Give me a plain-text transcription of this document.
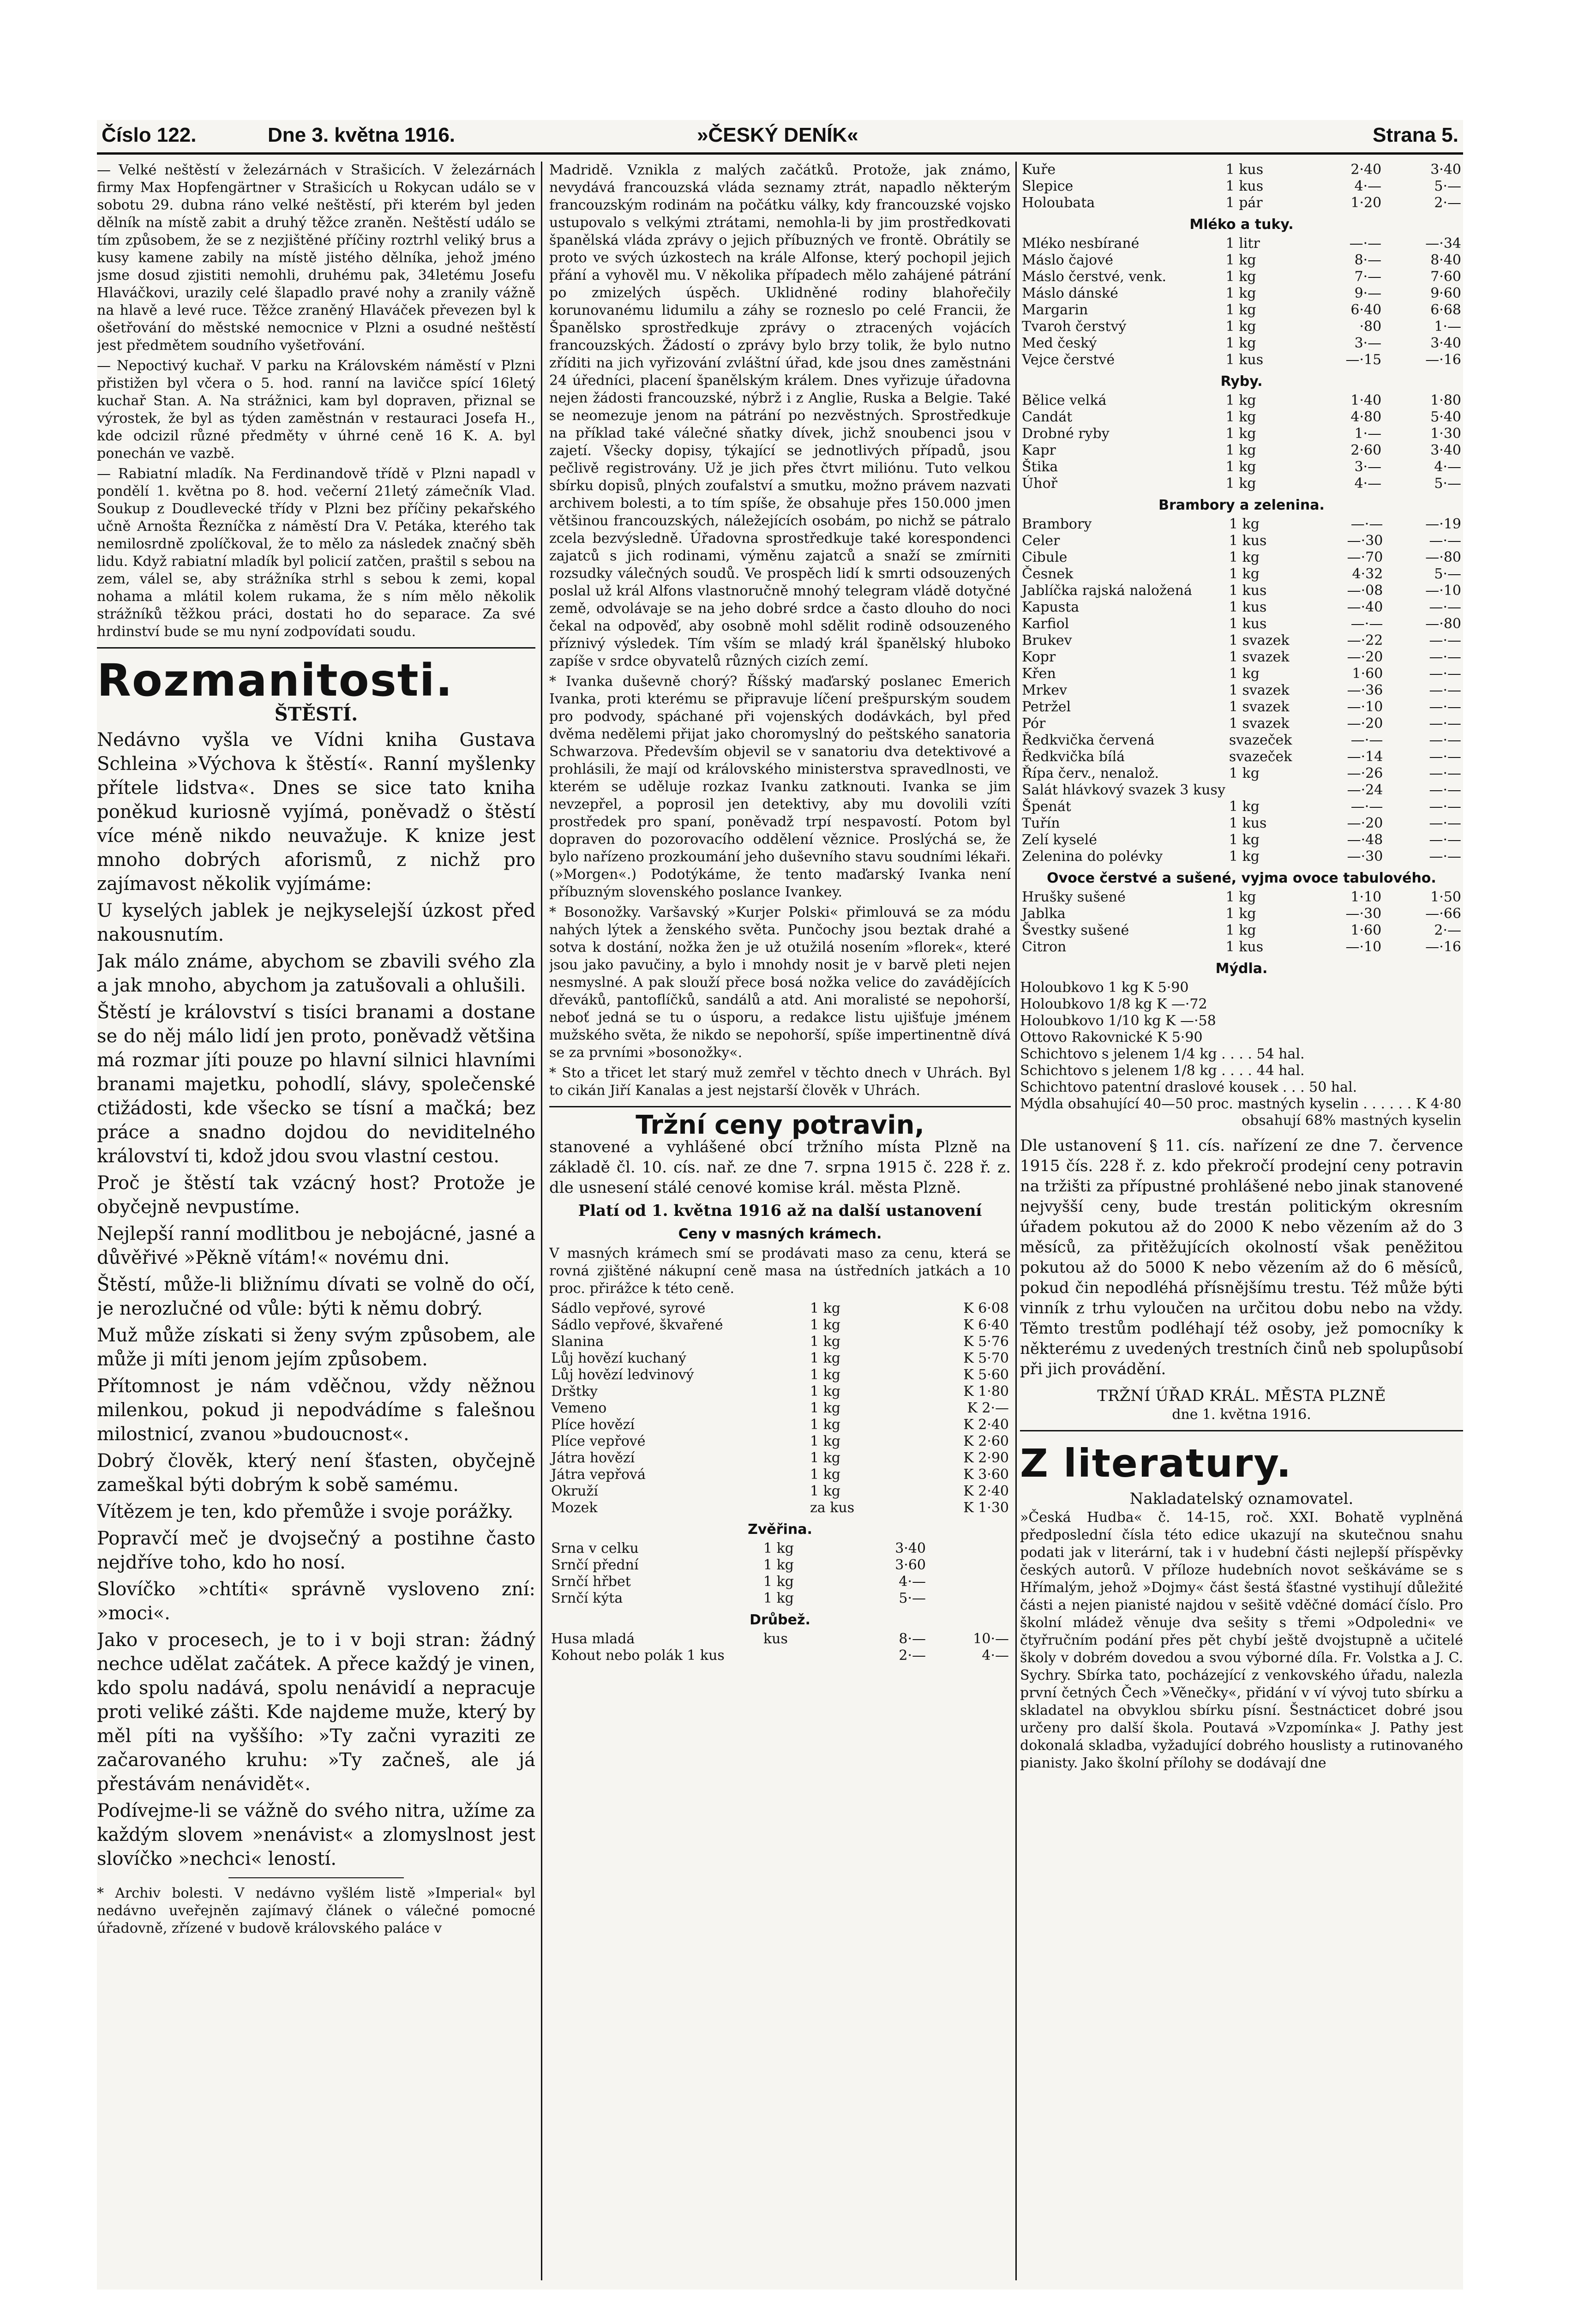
Číslo 122.	Dne 3. května 1916.	»ČESKÝ DENÍK«	Strana 5.

— Velké neštěstí v železárnách v Strašicích. V železárnách firmy Max Hopfengärtner v Strašicích u Rokycan událo se v sobotu 29. dubna ráno velké neštěstí, při kterém byl jeden dělník na místě zabit a druhý těžce zraněn. Neštěstí událo se tím způsobem, že se z nezjištěné příčiny roztrhl veliký brus a kusy kamene zabily na místě jistého dělníka, jehož jméno jsme dosud zjistiti nemohli, druhému pak, 34letému Josefu Hlaváčkovi, urazily celé šlapadlo pravé nohy a zranily vážně na hlavě a levé ruce. Těžce zraněný Hlaváček převezen byl k ošetřování do městské nemocnice v Plzni a osudné neštěstí jest předmětem soudního vyšetřování.

— Nepoctivý kuchař. V parku na Královském náměstí v Plzni přistižen byl včera o 5. hod. ranní na lavičce spící 16letý kuchař Stan. A. Na strážnici, kam byl dopraven, přiznal se výrostek, že byl as týden zaměstnán v restauraci Josefa H., kde odcizil různé předměty v úhrné ceně 16 K. A. byl ponechán ve vazbě.

— Rabiatní mladík. Na Ferdinandově třídě v Plzni napadl v pondělí 1. května po 8. hod. večerní 21letý zámečník Vlad. Soukup z Doudlevecké třídy v Plzni bez příčiny pekařského učně Arnošta Řezníčka z náměstí Dra V. Petáka, kterého tak nemilosrdně zpolíčkoval, že to mělo za následek značný sběh lidu. Když rabiatní mladík byl policií zatčen, praštil s sebou na zem, válel se, aby strážníka strhl s sebou k zemi, kopal nohama a mlátil kolem rukama, že s ním mělo několik strážníků těžkou práci, dostati ho do separace. Za své hrdinství bude se mu nyní zodpovídati soudu.

Rozmanitosti.
ŠTĚSTÍ.

Nedávno vyšla ve Vídni kniha Gustava Schleina »Výchova k štěstí«. Ranní myšlenky přítele lidstva«. Dnes se sice tato kniha poněkud kuriosně vyjímá, poněvadž o štěstí více méně nikdo neuvažuje. K knize jest mnoho dobrých aforismů, z nichž pro zajímavost několik vyjímáme:

U kyselých jablek je nejkyselejší úzkost před nakousnutím.

Jak málo známe, abychom se zbavili svého zla a jak mnoho, abychom ja zatušovali a ohlušili.

Štěstí je království s tisíci branami a dostane se do něj málo lidí jen proto, poněvadž většina má rozmar jíti pouze po hlavní silnici hlavními branami majetku, pohodlí, slávy, společenské ctižádosti, kde všecko se tísní a mačká; bez práce a snadno dojdou do neviditelného království ti, kdož jdou svou vlastní cestou.

Proč je štěstí tak vzácný host? Protože je obyčejně nevpustíme.

Nejlepší ranní modlitbou je nebojácné, jasné a důvěřivé »Pěkně vítám!« novému dni.

Štěstí, může-li bližnímu dívati se volně do očí, je nerozlučné od vůle: býti k němu dobrý.

Muž může získati si ženy svým způsobem, ale může ji míti jenom jejím způsobem.

Přítomnost je nám vděčnou, vždy něžnou milenkou, pokud ji nepodvádíme s falešnou milostnicí, zvanou »budoucnost«.

Dobrý člověk, který není šťasten, obyčejně zameškal býti dobrým k sobě samému.

Vítězem je ten, kdo přemůže i svoje porážky.

Popravčí meč je dvojsečný a postihne často nejdříve toho, kdo ho nosí.

Slovíčko »chtíti« správně vysloveno zní: »moci«.

Jako v procesech, je to i v boji stran: žádný nechce udělat začátek. A přece každý je vinen, kdo spolu nadává, spolu nenávidí a nepracuje proti veliké zášti. Kde najdeme muže, který by měl píti na vyššího: »Ty začni vyraziti ze začarovaného kruhu: »Ty začneš, ale já přestávám nenávidět«.

Podívejme-li se vážně do svého nitra, užíme za každým slovem »nenávist« a zlomyslnost jest slovíčko »nechci« leností.

* Archiv bolesti. V nedávno vyšlém listě »Imperial« byl nedávno uveřejněn zajímavý článek o válečné pomocné úřadovně, zřízené v budově královského paláce v

Madridě. Vznikla z malých začátků. Protože, jak známo, nevydává francouzská vláda seznamy ztrát, napadlo některým francouzským rodinám na počátku války, kdy francouzské vojsko ustupovalo s velkými ztrátami, nemohla-li by jim prostředkovati španělská vláda zprávy o jejich příbuzných ve frontě. Obrátily se proto ve svých úzkostech na krále Alfonse, který pochopil jejich přání a vyhověl mu. V několika případech mělo zahájené pátrání po zmizelých úspěch. Uklidněné rodiny blahořečily korunovanému lidumilu a záhy se rozneslo po celé Francii, že Španělsko sprostředkuje zprávy o ztracených vojácích francouzských. Žádostí o zprávy bylo brzy tolik, že bylo nutno zříditi na jich vyřizování zvláštní úřad, kde jsou dnes zaměstnáni 24 úředníci, placení španělským králem. Dnes vyřizuje úřadovna nejen žádosti francouzské, nýbrž i z Anglie, Ruska a Belgie. Také se neomezuje jenom na pátrání po nezvěstných. Sprostředkuje na příklad také válečné sňatky dívek, jichž snoubenci jsou v zajetí. Všecky dopisy, týkající se jednotlivých případů, jsou pečlivě registrovány. Už je jich přes čtvrt miliónu. Tuto velkou sbírku dopisů, plných zoufalství a smutku, možno právem nazvati archivem bolesti, a to tím spíše, že obsahuje přes 150.000 jmen většinou francouzských, náležejících osobám, po nichž se pátralo zcela bezvýsledně. Úřadovna sprostředkuje také korespondenci zajatců s jich rodinami, výměnu zajatců a snaží se zmírniti rozsudky válečných soudů. Ve prospěch lidí k smrti odsouzených poslal už král Alfons vlastnoručně mnohý telegram vládě dotyčné země, odvolávaje se na jeho dobré srdce a často dlouho do noci čekal na odpověď, aby osobně mohl sdělit rodině odsouzeného příznivý výsledek. Tím vším se mladý král španělský hluboko zapíše v srdce obyvatelů různých cizích zemí.

* Ivanka duševně chorý? Říšský maďarský poslanec Emerich Ivanka, proti kterému se připravuje líčení prešpurským soudem pro podvody, spáchané při vojenských dodávkách, byl před dvěma nedělemi přijat jako choromyslný do peštského sanatoria Schwarzova. Především objevil se v sanatoriu dva detektivové a prohlásili, že mají od královského ministerstva spravedlnosti, ve kterém se uděluje rozkaz Ivanku zatknouti. Ivanka se jim nevzepřel, a poprosil jen detektivy, aby mu dovolili vzíti prostředek pro spaní, poněvadž trpí nespavostí. Potom byl dopraven do pozorovacího oddělení věznice. Proslýchá se, že bylo nařízeno prozkoumání jeho duševního stavu soudními lékaři. (»Morgen«.) Podotýkáme, že tento maďarský Ivanka není příbuzným slovenského poslance Ivankey.

* Bosonožky. Varšavský »Kurjer Polski« přimlouvá se za módu nahých lýtek a ženského světa. Punčochy jsou beztak drahé a sotva k dostání, nožka žen je už otužilá nosením »florek«, které jsou jako pavučiny, a bylo i mnohdy nosit je v barvě pleti nejen nesmyslné. A pak slouží přece bosá nožka velice do zavádějících dřeváků, pantoflíčků, sandálů a atd. Ani moralisté se nepohorší, neboť jedná se tu o úsporu, a redakce listu ujišťuje jménem mužského světa, že nikdo se nepohorší, spíše impertinentně dívá se za prvními »bosonožky«.

* Sto a třicet let starý muž zemřel v těchto dnech v Uhrách. Byl to cikán Jiří Kanalas a jest nejstarší člověk v Uhrách.

Tržní ceny potravin,

stanovené a vyhlášené obcí tržního místa Plzně na základě čl. 10. cís. nař. ze dne 7. srpna 1915 č. 228 ř. z. dle usnesení stálé cenové komise král. města Plzně.

Platí od 1. května 1916 až na další ustanovení

Ceny v masných krámech.

V masných krámech smí se prodávati maso za cenu, která se rovná zjištěné nákupní ceně masa na ústředních jatkách a 10 proc. přirážce k této ceně.

Sádlo vepřové, syrové	1 kg	K 6·08
Sádlo vepřové, škvařené	1 kg	K 6·40
Slanina	1 kg	K 5·76
Lůj hovězí kuchaný	1 kg	K 5·70
Lůj hovězí ledvinový	1 kg	K 5·60
Drštky	1 kg	K 1·80
Vemeno	1 kg	K 2·—
Plíce hovězí	1 kg	K 2·40
Plíce vepřové	1 kg	K 2·60
Játra hovězí	1 kg	K 2·90
Játra vepřová	1 kg	K 3·60
Okruží	1 kg	K 2·40
Mozek	za kus	K 1·30
Zvěřina.
Srna v celku	1 kg	3·40	
Srnčí přední	1 kg	3·60	
Srnčí hřbet	1 kg	4·—	
Srnčí kýta	1 kg	5·—	
Drůbež.
Husa mladá	kus	8·—	10·—
Kohout nebo polák 1 kus		2·—	4·—
Kuře	1 kus	2·40	3·40
Slepice	1 kus	4·—	5·—
Holoubata	1 pár	1·20	2·—
Mléko a tuky.
Mléko nesbírané	1 litr	—·—	—·34
Máslo čajové	1 kg	8·—	8·40
Máslo čerstvé, venk.	1 kg	7·—	7·60
Máslo dánské	1 kg	9·—	9·60
Margarin	1 kg	6·40	6·68
Tvaroh čerstvý	1 kg	·80	1·—
Med český	1 kg	3·—	3·40
Vejce čerstvé	1 kus	—·15	—·16
Ryby.
Bělice velká	1 kg	1·40	1·80
Candát	1 kg	4·80	5·40
Drobné ryby	1 kg	1·—	1·30
Kapr	1 kg	2·60	3·40
Štika	1 kg	3·—	4·—
Úhoř	1 kg	4·—	5·—
Brambory a zelenina.
Brambory	1 kg	—·—	—·19
Celer	1 kus	—·30	—·—
Cibule	1 kg	—·70	—·80
Česnek	1 kg	4·32	5·—
Jablíčka rajská naložená	1 kus	—·08	—·10
Kapusta	1 kus	—·40	—·—
Karfiol	1 kus	—·—	—·80
Brukev	1 svazek	—·22	—·—
Kopr	1 svazek	—·20	—·—
Křen	1 kg	1·60	—·—
Mrkev	1 svazek	—·36	—·—
Petržel	1 svazek	—·10	—·—
Pór	1 svazek	—·20	—·—
Ředkvička červená	svazeček	—·—	—·—
Ředkvička bílá	svazeček	—·14	—·—
Řípa červ., nenalož.	1 kg	—·26	—·—
Salát hlávkový svazek 3 kusy		—·24	—·—
Špenát	1 kg	—·—	—·—
Tuřín	1 kus	—·20	—·—
Zelí kyselé	1 kg	—·48	—·—
Zelenina do polévky	1 kg	—·30	—·—
Ovoce čerstvé a sušené, vyjma ovoce tabulového.
Hrušky sušené	1 kg	1·10	1·50
Jablka	1 kg	—·30	—·66
Švestky sušené	1 kg	1·60	2·—
Citron	1 kus	—·10	—·16
Mýdla.
Holoubkovo 1 kg K 5·90
Holoubkovo 1/8 kg K —·72
Holoubkovo 1/10 kg K —·58
Ottovo Rakovnické K 5·90
Schichtovo s jelenem 1/4 kg . . . . 54 hal.
Schichtovo s jelenem 1/8 kg . . . . 44 hal.
Schichtovo patentní draslové kousek . . . 50 hal.
Mýdla obsahující 40—50 proc. mastných kyselin . . . . . . K 4·80
obsahují 68% mastných kyselin

Dle ustanovení § 11. cís. nařízení ze dne 7. července 1915 čís. 228 ř. z. kdo překročí prodejní ceny potravin na tržišti za přípustné prohlášené nebo jinak stanovené nejvyšší ceny, bude trestán politickým okresním úřadem pokutou až do 2000 K nebo vězením až do 3 měsíců, za přitěžujících okolností však peněžitou pokutou až do 5000 K nebo vězením až do 6 měsíců, pokud čin nepodléhá přísnějšímu trestu. Též může býti vinník z trhu vyloučen na určitou dobu nebo na vždy. Těmto trestům podléhají též osoby, jež pomocníky k některému z uvedených trestních činů neb spolupůsobí při jich provádění.

TRŽNÍ ÚŘAD KRÁL. MĚSTA PLZNĚ
dne 1. května 1916.
Z literatury.
Nakladatelský oznamovatel.

»Česká Hudba« č. 14-15, roč. XXI. Bohatě vyplněná předposlední čísla této edice ukazují na skutečnou snahu podati jak v literární, tak i v hudební části nejlepší příspěvky českých autorů. V příloze hudebních novot seškáváme se s Hřímalým, jehož »Dojmy« část šestá šťastné vystihují důležité části a nejen pianisté najdou v sešitě vděčné domácí číslo. Pro školní mládež věnuje dva sešity s třemi »Odpoledni« ve čtyřručním podání přes pět chybí ještě dvojstupně a učitelé školy v dobrém dovedou a svou výborné díla. Fr. Volstka a J. C. Sychry. Sbírka tato, pocházející z venkovského úřadu, nalezla první četných Čech »Věnečky«, přidání v ví vývoj tuto sbírku a skladatel na obvyklou sbírku písní. Šestnácticet dobré jsou určeny pro další škola. Poutavá »Vzpomínka« J. Pathy jest dokonalá skladba, vyžadující dobrého houslisty a rutinovaného pianisty. Jako školní přílohy se dodávají dne
